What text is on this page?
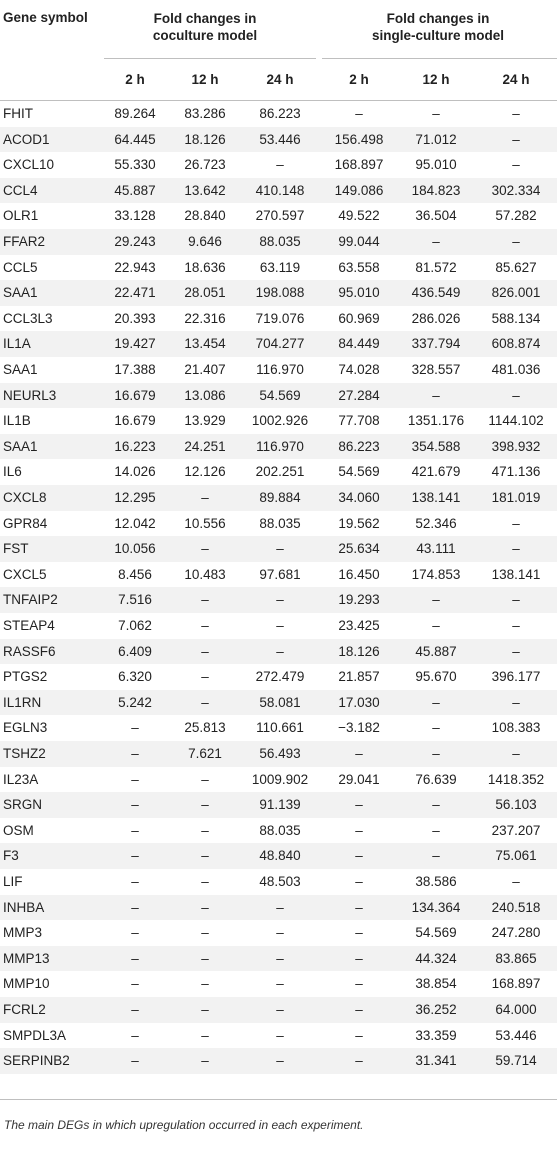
Gene symbol	Fold changes in
coculture model
Fold changes in
single-culture model
2 h	12 h	24 h	2 h	12 h	24 h
FHIT	89.264	83.286	86.223	–	–	–
ACOD1	64.445	18.126	53.446	156.498	71.012	–
CXCL10	55.330	26.723	–	168.897	95.010	–
CCL4	45.887	13.642	410.148	149.086	184.823	302.334
OLR1	33.128	28.840	270.597	49.522	36.504	57.282
FFAR2	29.243	9.646	88.035	99.044	–	–
CCL5	22.943	18.636	63.119	63.558	81.572	85.627
SAA1	22.471	28.051	198.088	95.010	436.549	826.001
CCL3L3	20.393	22.316	719.076	60.969	286.026	588.134
IL1A	19.427	13.454	704.277	84.449	337.794	608.874
SAA1	17.388	21.407	116.970	74.028	328.557	481.036
NEURL3	16.679	13.086	54.569	27.284	–	–
IL1B	16.679	13.929	1002.926	77.708	1351.176	1144.102
SAA1	16.223	24.251	116.970	86.223	354.588	398.932
IL6	14.026	12.126	202.251	54.569	421.679	471.136
CXCL8	12.295	–	89.884	34.060	138.141	181.019
GPR84	12.042	10.556	88.035	19.562	52.346	–
FST	10.056	–	–	25.634	43.111	–
CXCL5	8.456	10.483	97.681	16.450	174.853	138.141
TNFAIP2	7.516	–	–	19.293	–	–
STEAP4	7.062	–	–	23.425	–	–
RASSF6	6.409	–	–	18.126	45.887	–
PTGS2	6.320	–	272.479	21.857	95.670	396.177
IL1RN	5.242	–	58.081	17.030	–	–
EGLN3	–	25.813	110.661	−3.182	–	108.383
TSHZ2	–	7.621	56.493	–	–	–
IL23A	–	–	1009.902	29.041	76.639	1418.352
SRGN	–	–	91.139	–	–	56.103
OSM	–	–	88.035	–	–	237.207
F3	–	–	48.840	–	–	75.061
LIF	–	–	48.503	–	38.586	–
INHBA	–	–	–	–	134.364	240.518
MMP3	–	–	–	–	54.569	247.280
MMP13	–	–	–	–	44.324	83.865
MMP10	–	–	–	–	38.854	168.897
FCRL2	–	–	–	–	36.252	64.000
SMPDL3A	–	–	–	–	33.359	53.446
SERPINB2	–	–	–	–	31.341	59.714
The main DEGs in which upregulation occurred in each experiment.
